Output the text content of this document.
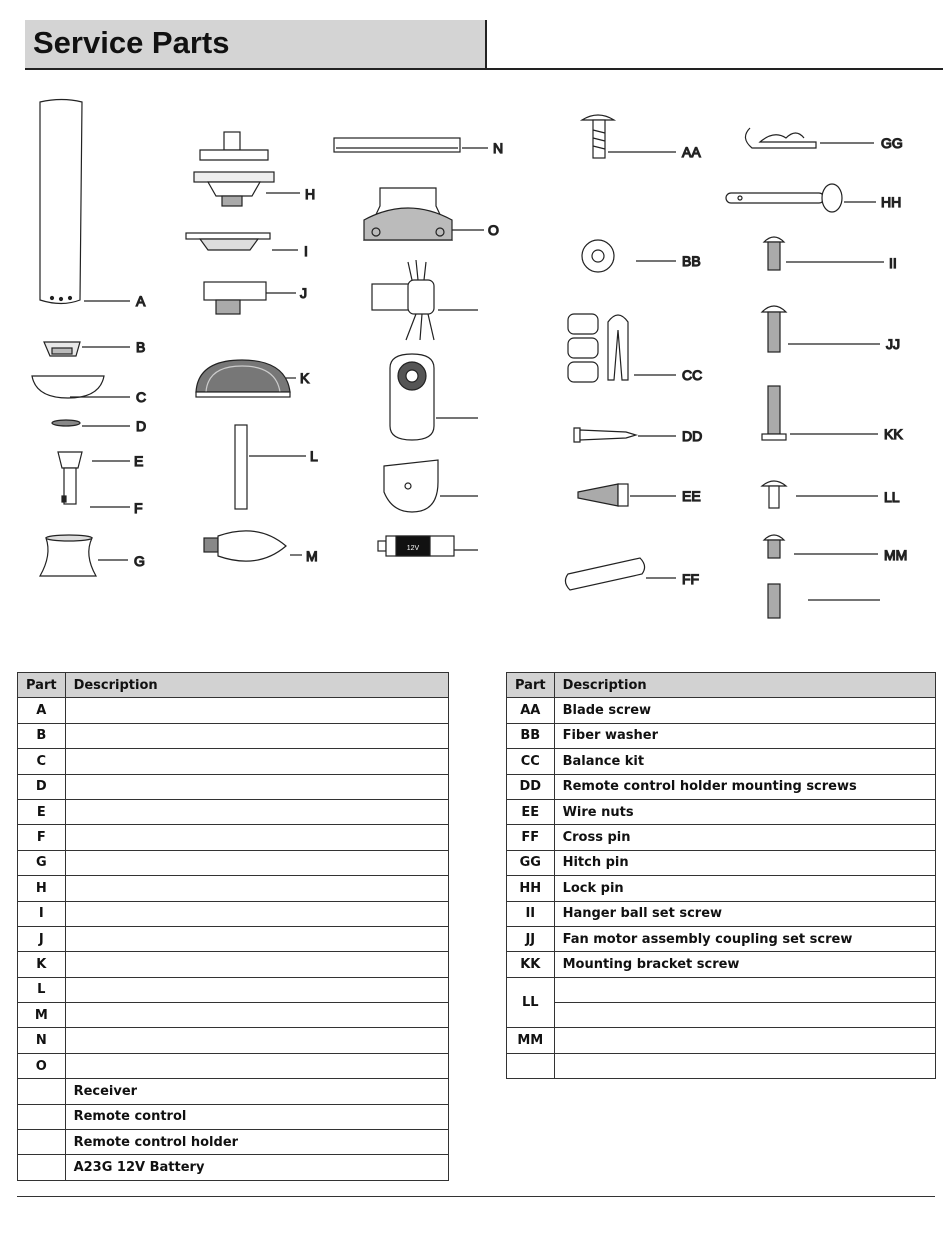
Service Parts
A
B
C
D
E
F
G
H
I
J
K
L
M
N
O
12V
AA
BB
CC
DD
EE
FF
GG
HH
II
JJ
KK
LL
MM
Part	Description
A	
B	
C	
D	
E	
F	
G	
H	
I	
J	
K	
L	
M	
N	
O	
	Receiver
	Remote control
	Remote control holder
	A23G 12V Battery
Part	Description
AA	Blade screw
BB	Fiber washer
CC	Balance kit
DD	Remote control holder mounting screws
EE	Wire nuts
FF	Cross pin
GG	Hitch pin
HH	Lock pin
II	Hanger ball set screw
JJ	Fan motor assembly coupling set screw
KK	Mounting bracket screw
LL	

MM	
